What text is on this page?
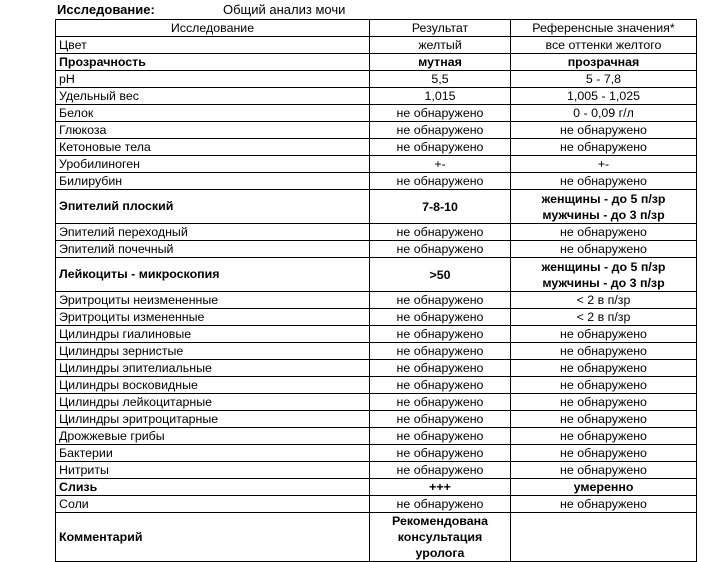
Исследование:	Общий анализ мочи
Исследование	Результат	Референсные значения*
Цвет	желтый	все оттенки желтого

Прозрачность	мутная	прозрачная

pH	5,5	5 - 7,8

Удельный вес	1,015	1,005 - 1,025

Белок	не обнаружено	0 - 0,09 г/л

Глюкоза	не обнаружено	не обнаружено

Кетоновые тела	не обнаружено	не обнаружено

Уробилиноген	+-	+-

Билирубин	не обнаружено	не обнаружено

Эпителий плоский	7-8-10	женщины - до 5 п/зр
мужчины - до 3 п/зр

Эпителий переходный	не обнаружено	не обнаружено

Эпителий почечный	не обнаружено	не обнаружено

Лейкоциты - микроскопия	>50	женщины - до 5 п/зр
мужчины - до 3 п/зр

Эритроциты неизмененные	не обнаружено	< 2 в п/зр

Эритроциты измененные	не обнаружено	< 2 в п/зр

Цилиндры гиалиновые	не обнаружено	не обнаружено

Цилиндры зернистые	не обнаружено	не обнаружено

Цилиндры эпителиальные	не обнаружено	не обнаружено

Цилиндры восковидные	не обнаружено	не обнаружено

Цилиндры лейкоцитарные	не обнаружено	не обнаружено

Цилиндры эритроцитарные	не обнаружено	не обнаружено

Дрожжевые грибы	не обнаружено	не обнаружено

Бактерии	не обнаружено	не обнаружено

Нитриты	не обнаружено	не обнаружено

Слизь	+++	умеренно

Соли	не обнаружено	не обнаружено

Комментарий	Рекомендована
консультация уролога	
